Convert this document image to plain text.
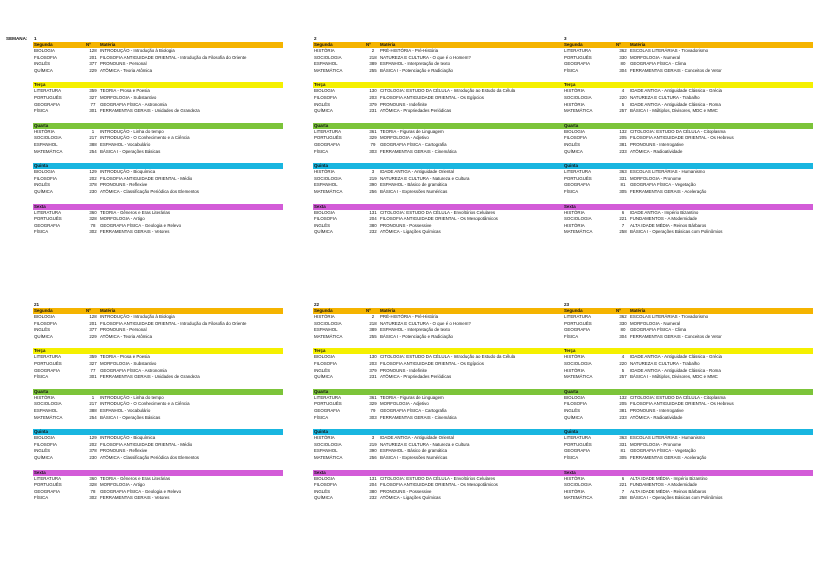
SEMANA: 1
Segunda	Nº	Matéria
BIOLOGIA	128 INTRODUÇÃO - Introdução à Biologia
FILOSOFIA	201 FILOSOFIA ANTIGUIDADE ORIENTAL - Introdução da Filosofia do Oriente
INGLÊS	377 PRONOUNS - Personal
QUÍMICA	229 ATÔMICA - Teoria Atômica
Terça
LITERATURA	359 TEORIA - Prosa e Poesia
PORTUGUÊS	327 MORFOLOGIA - Substantivo
GEOGRAFIA	77	GEOGRAFIA FÍSICA - Astronomia
FÍSICA	301 FERRAMENTAS GERAIS - Unidades de Grandeza
Quarta
HISTÓRIA	1	INTRODUÇÃO - Linha do tempo
SOCIOLOGIA	217 INTRODUÇÃO - O Conhecimento e a Ciência
ESPANHOL	388 ESPANHOL - Vocabulário
MATEMÁTICA	254 BÁSICA I - Operações Básicas
Quinta
BIOLOGIA	129 INTRODUÇÃO - Bioquímica
FILOSOFIA	202 FILOSOFIA ANTIGUIDADE ORIENTAL - Médio
INGLÊS	378 PRONOUNS - Reflexive
QUÍMICA	230 ATÔMICA - Classificação Periódica dos Elementos
Sexta
LITERATURA	360 TEORIA - Gêneros e Eras Literárias
PORTUGUÊS	328 MORFOLOGIA - Artigo
GEOGRAFIA	78	GEOGRAFIA FÍSICA - Geologia e Relevo
FÍSICA	302 FERRAMENTAS GERAIS - Vetores
2
Segunda	Nº	Matéria
HISTÓRIA	2	PRÉ-HISTÓRIA - Pré-História
SOCIOLOGIA	218 NATUREZA E CULTURA - O que é o Homem?
ESPANHOL	389 ESPANHOL - Interpretação de texto
MATEMÁTICA	255 BÁSICA I - Potenciação e Radiciação
Terça
BIOLOGIA	130 CITOLOGIA: ESTUDO DA CÉLULA - Introdução ao Estudo da Célula
FILOSOFIA	203 FILOSOFIA ANTIGUIDADE ORIENTAL - Os Egípcios
INGLÊS	379 PRONOUNS - Indefinite
QUÍMICA	231 ATÔMICA - Propriedades Periódicas
Quarta
LITERATURA	361 TEORIA - Figuras de Linguagem
PORTUGUÊS	329 MORFOLOGIA - Adjetivo
GEOGRAFIA	79	GEOGRAFIA FÍSICA - Cartografia
FÍSICA	303 FERRAMENTAS GERAIS - Cinemática
Quinta
HISTÓRIA	3	IDADE ANTIGA - Antiguidade Oriental
SOCIOLOGIA	219 NATUREZA E CULTURA - Natureza e Cultura
ESPANHOL	390 ESPANHOL - Básico de gramática
MATEMÁTICA	256 BÁSICA I - Expressões Numéricas
Sexta
BIOLOGIA	131 CITOLOGIA: ESTUDO DA CÉLULA - Envoltórios Celulares
FILOSOFIA	204 FILOSOFIA ANTIGUIDADE ORIENTAL - Os Mesopotâmicos
INGLÊS	380 PRONOUNS - Possessive
QUÍMICA	232 ATÔMICA - Ligações Químicas
3
Segunda	Nº	Matéria
LITERATURA	362 ESCOLAS LITERÁRIAS - Trovadorismo
PORTUGUÊS	330 MORFOLOGIA - Numeral
GEOGRAFIA	80	GEOGRAFIA FÍSICA - Clima
FÍSICA	304 FERRAMENTAS GERAIS - Conceitos de Vetor
Terça
HISTÓRIA	4	IDADE ANTIGA - Antiguidade Clássica - Grécia
SOCIOLOGIA	220 NATUREZA E CULTURA - Trabalho
HISTÓRIA	5	IDADE ANTIGA - Antiguidade Clássica - Roma
MATEMÁTICA	257 BÁSICA I - Múltiplos, Divisores, MDC e MMC
Quarta
BIOLOGIA	132 CITOLOGIA: ESTUDO DA CÉLULA - Citoplasma
FILOSOFIA	205 FILOSOFIA ANTIGUIDADE ORIENTAL - Os Hebreus
INGLÊS	381 PRONOUNS - Interrogative
QUÍMICA	233 ATÔMICA - Radioatividade
Quinta
LITERATURA	363 ESCOLAS LITERÁRIAS - Humanismo
PORTUGUÊS	331 MORFOLOGIA - Pronome
GEOGRAFIA	81	GEOGRAFIA FÍSICA - Vegetação
FÍSICA	305 FERRAMENTAS GERAIS - Aceleração
Sexta
HISTÓRIA	6	IDADE ANTIGA - Império Bizantino
SOCIOLOGIA	221 FUNDAMENTOS - A Modernidade
HISTÓRIA	7	ALTA IDADE MÉDIA - Reinos Bárbaros
MATEMÁTICA	258 BÁSICA I - Operações Básicas com Polinômios
21
Segunda	Nº	Matéria
BIOLOGIA	128 INTRODUÇÃO - Introdução à Biologia
FILOSOFIA	201 FILOSOFIA ANTIGUIDADE ORIENTAL - Introdução da Filosofia do Oriente
INGLÊS	377 PRONOUNS - Personal
QUÍMICA	229 ATÔMICA - Teoria Atômica
Terça
LITERATURA	359 TEORIA - Prosa e Poesia
PORTUGUÊS	327 MORFOLOGIA - Substantivo
GEOGRAFIA	77	GEOGRAFIA FÍSICA - Astronomia
FÍSICA	301 FERRAMENTAS GERAIS - Unidades de Grandeza
Quarta
HISTÓRIA	1	INTRODUÇÃO - Linha do tempo
SOCIOLOGIA	217 INTRODUÇÃO - O Conhecimento e a Ciência
ESPANHOL	388 ESPANHOL - Vocabulário
MATEMÁTICA	254 BÁSICA I - Operações Básicas
Quinta
BIOLOGIA	129 INTRODUÇÃO - Bioquímica
FILOSOFIA	202 FILOSOFIA ANTIGUIDADE ORIENTAL - Médio
INGLÊS	378 PRONOUNS - Reflexive
QUÍMICA	230 ATÔMICA - Classificação Periódica dos Elementos
Sexta
LITERATURA	360 TEORIA - Gêneros e Eras Literárias
PORTUGUÊS	328 MORFOLOGIA - Artigo
GEOGRAFIA	78	GEOGRAFIA FÍSICA - Geologia e Relevo
FÍSICA	302 FERRAMENTAS GERAIS - Vetores
22
Segunda	Nº	Matéria
HISTÓRIA	2	PRÉ-HISTÓRIA - Pré-História
SOCIOLOGIA	218 NATUREZA E CULTURA - O que é o Homem?
ESPANHOL	389 ESPANHOL - Interpretação de texto
MATEMÁTICA	255 BÁSICA I - Potenciação e Radiciação
Terça
BIOLOGIA	130 CITOLOGIA: ESTUDO DA CÉLULA - Introdução ao Estudo da Célula
FILOSOFIA	203 FILOSOFIA ANTIGUIDADE ORIENTAL - Os Egípcios
INGLÊS	379 PRONOUNS - Indefinite
QUÍMICA	231 ATÔMICA - Propriedades Periódicas
Quarta
LITERATURA	361 TEORIA - Figuras de Linguagem
PORTUGUÊS	329 MORFOLOGIA - Adjetivo
GEOGRAFIA	79	GEOGRAFIA FÍSICA - Cartografia
FÍSICA	303 FERRAMENTAS GERAIS - Cinemática
Quinta
HISTÓRIA	3	IDADE ANTIGA - Antiguidade Oriental
SOCIOLOGIA	219 NATUREZA E CULTURA - Natureza e Cultura
ESPANHOL	390 ESPANHOL - Básico de gramática
MATEMÁTICA	256 BÁSICA I - Expressões Numéricas
Sexta
BIOLOGIA	131 CITOLOGIA: ESTUDO DA CÉLULA - Envoltórios Celulares
FILOSOFIA	204 FILOSOFIA ANTIGUIDADE ORIENTAL - Os Mesopotâmicos
INGLÊS	380 PRONOUNS - Possessive
QUÍMICA	232 ATÔMICA - Ligações Químicas
23
Segunda	Nº	Matéria
LITERATURA	362 ESCOLAS LITERÁRIAS - Trovadorismo
PORTUGUÊS	330 MORFOLOGIA - Numeral
GEOGRAFIA	80	GEOGRAFIA FÍSICA - Clima
FÍSICA	304 FERRAMENTAS GERAIS - Conceitos de Vetor
Terça
HISTÓRIA	4	IDADE ANTIGA - Antiguidade Clássica - Grécia
SOCIOLOGIA	220 NATUREZA E CULTURA - Trabalho
HISTÓRIA	5	IDADE ANTIGA - Antiguidade Clássica - Roma
MATEMÁTICA	257 BÁSICA I - Múltiplos, Divisores, MDC e MMC
Quarta
BIOLOGIA	132 CITOLOGIA: ESTUDO DA CÉLULA - Citoplasma
FILOSOFIA	205 FILOSOFIA ANTIGUIDADE ORIENTAL - Os Hebreus
INGLÊS	381 PRONOUNS - Interrogative
QUÍMICA	233 ATÔMICA - Radioatividade
Quinta
LITERATURA	363 ESCOLAS LITERÁRIAS - Humanismo
PORTUGUÊS	331 MORFOLOGIA - Pronome
GEOGRAFIA	81	GEOGRAFIA FÍSICA - Vegetação
FÍSICA	305 FERRAMENTAS GERAIS - Aceleração
Sexta
HISTÓRIA	6	ALTA IDADE MÉDIA - Império Bizantino
SOCIOLOGIA	221 FUNDAMENTOS - A Modernidade
HISTÓRIA	7	ALTA IDADE MÉDIA - Reinos Bárbaros
MATEMÁTICA	258 BÁSICA I - Operações Básicas com Polinômios
